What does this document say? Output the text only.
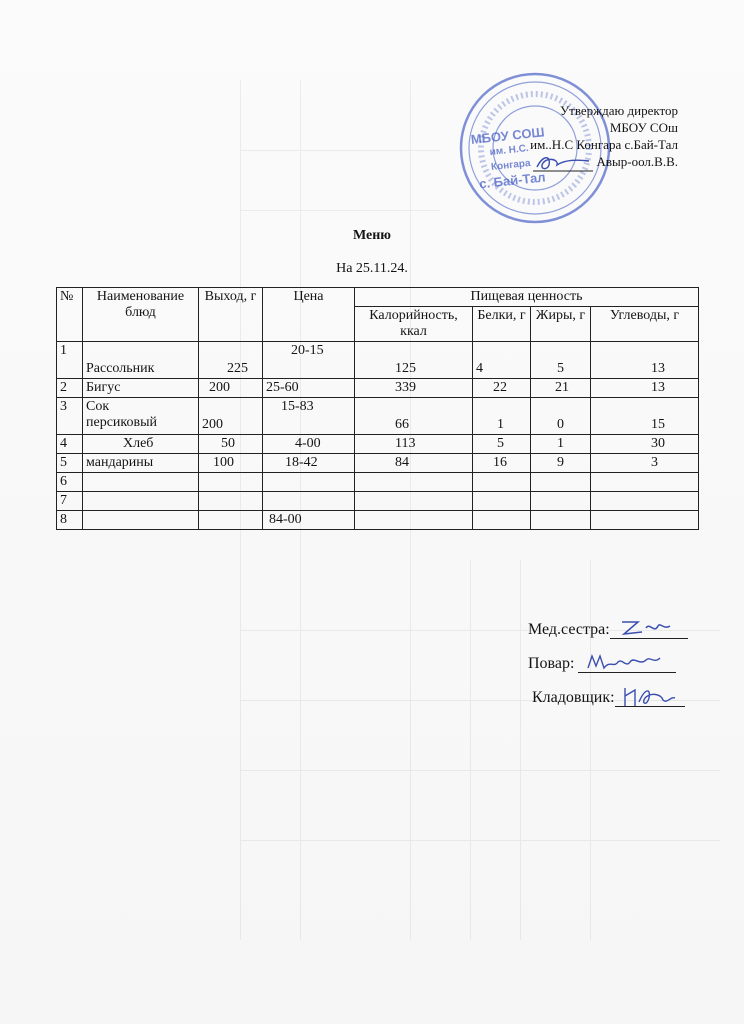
МБОУ СОШ
им. Н.С. Конгара
с. Бай-Тал
Утверждаю директор
МБОУ СОш
им..Н.С Конгара с.Бай-Тал
Авыр-оол.В.В.
Меню
На 25.11.24.
№	Наименование блюд	Выход, г	Цена	Пищевая ценность			
				Калорийность, ккал	Белки, г	Жиры, г	Углеводы, г
1	Рассольник	225	20-15	125	4	5	13
2	Бигус	200	25-60	339	22	21	13
3	Сок
персиковый	200	15-83	66	1	0	15
4	Хлеб	50	4-00	113	5	1	30
5	мандарины	100	18-42	84	16	9	3
6							
7							
8			84-00				
Мед.сестра:
Повар:
Кладовщик:
